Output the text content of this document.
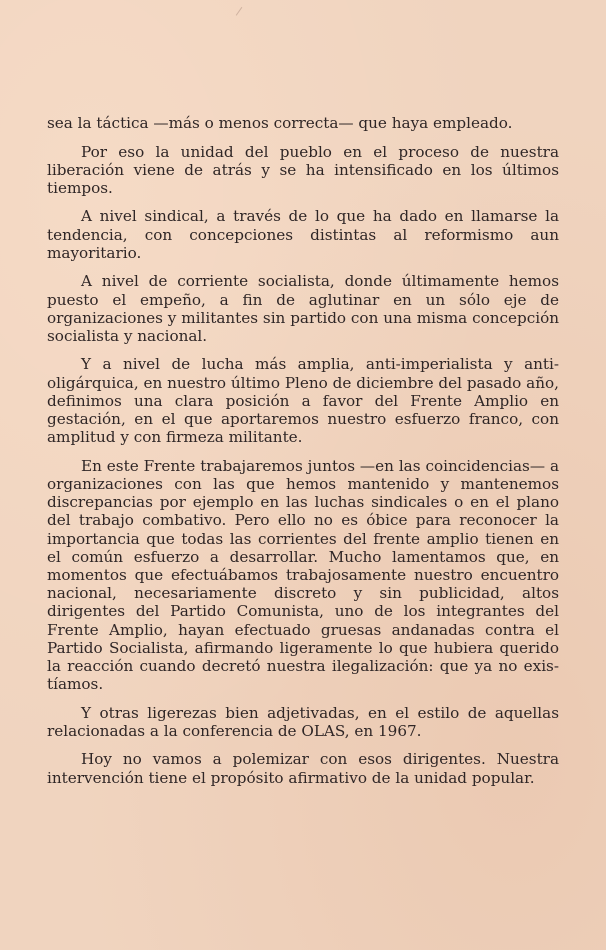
sea la táctica —más o menos correcta— que haya empleado.

Por eso la unidad del pueblo en el proceso de nuestra liberación viene de atrás y se ha intensificado en los últimos tiempos.

A nivel sindical, a través de lo que ha dado en llamarse la tendencia, con concepciones distintas al reformismo aun mayoritario.

A nivel de corriente socialista, donde últimamente hemos puesto el empeño, a fin de aglutinar en un sólo eje de organizaciones y militantes sin partido con una misma concepción socialista y nacional.

Y a nivel de lucha más amplia, anti-imperialista y anti-oligárquica, en nuestro último Pleno de diciembre del pasado año, definimos una clara posición a favor del Frente Amplio en gestación, en el que aportaremos nuestro esfuerzo franco, con amplitud y con firmeza militante.

En este Frente trabajaremos juntos —en las coincidencias— a organizaciones con las que hemos mantenido y mantenemos discrepancias por ejemplo en las luchas sindicales o en el plano del trabajo combativo. Pero ello no es óbice para reconocer la importancia que todas las corrientes del frente amplio tienen en el común esfuerzo a desarrollar. Mucho lamentamos que, en momentos que efectuábamos trabajosamente nuestro encuentro nacional, necesariamente discreto y sin publicidad, altos dirigentes del Partido Comunista, uno de los integrantes del Frente Amplio, hayan efectuado gruesas andanadas contra el Partido Socialista, afirmando ligeramente lo que hubiera querido la reacción cuando decretó nuestra ilegalización: que ya no existíamos.

Y otras ligerezas bien adjetivadas, en el estilo de aquellas relacionadas a la conferencia de OLAS, en 1967.

Hoy no vamos a polemizar con esos dirigentes. Nuestra intervención tiene el propósito afirmativo de la unidad popular.
